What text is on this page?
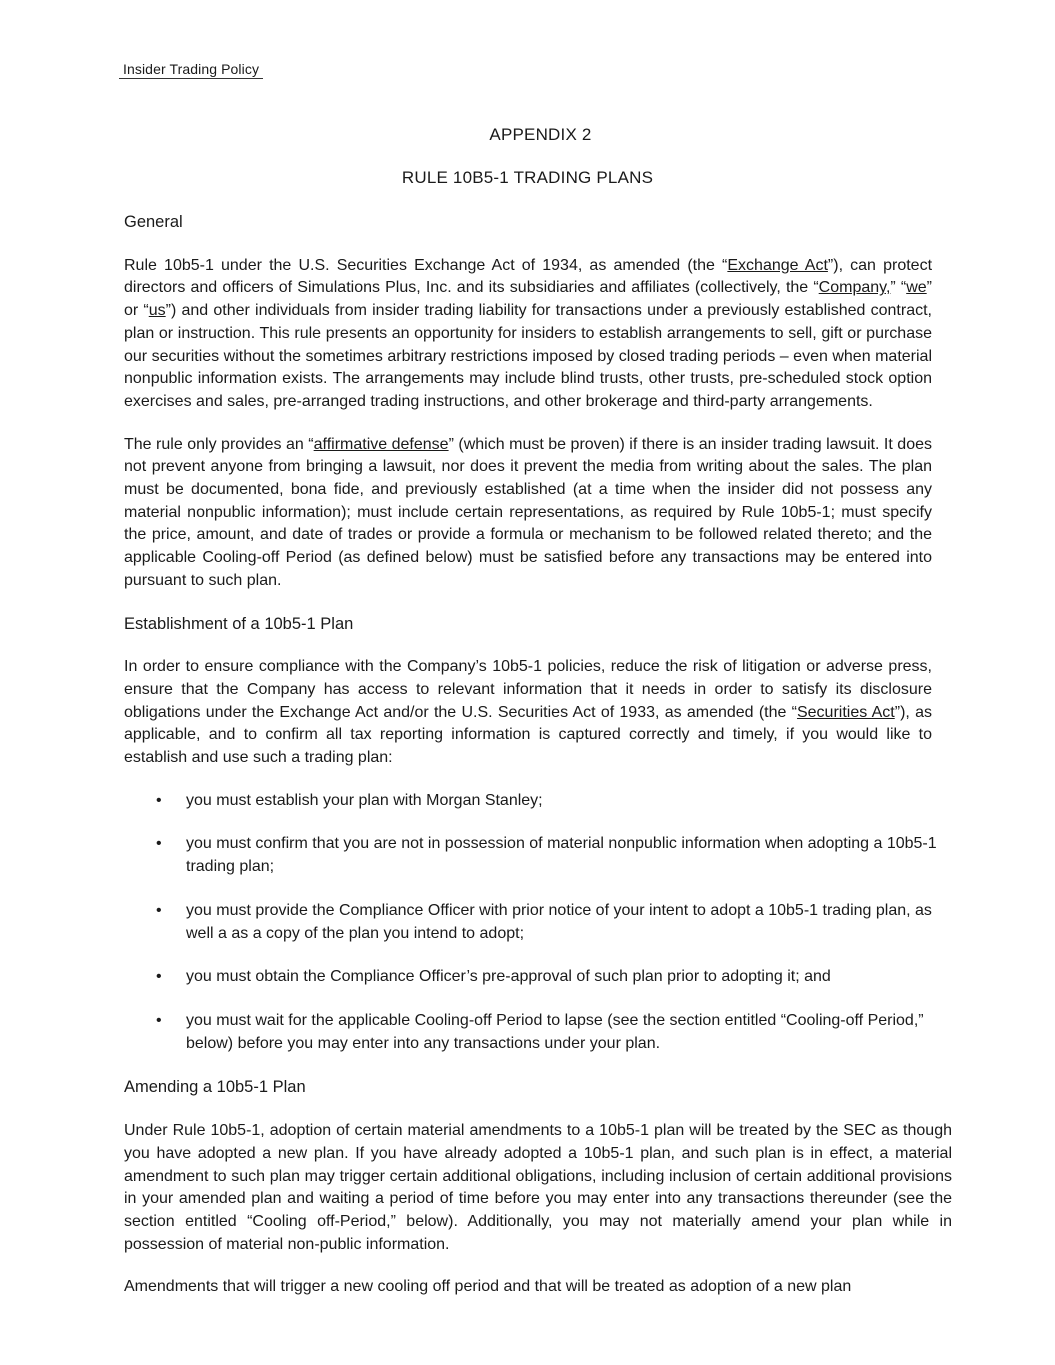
Insider Trading Policy
APPENDIX 2
RULE 10B5-1 TRADING PLANS
General

Rule 10b5-1 under the U.S. Securities Exchange Act of 1934, as amended (the “Exchange Act”), can protect directors and officers of Simulations Plus, Inc. and its subsidiaries and affiliates (collectively, the “Company,” “we” or “us”) and other individuals from insider trading liability for transactions under a previously established contract, plan or instruction. This rule presents an opportunity for insiders to establish arrangements to sell, gift or purchase our securities without the sometimes arbitrary restrictions imposed by closed trading periods – even when material nonpublic information exists. The arrangements may include blind trusts, other trusts, pre-scheduled stock option exercises and sales, pre-arranged trading instructions, and other brokerage and third-party arrangements.

The rule only provides an “affirmative defense” (which must be proven) if there is an insider trading lawsuit. It does not prevent anyone from bringing a lawsuit, nor does it prevent the media from writing about the sales. The plan must be documented, bona fide, and previously established (at a time when the insider did not possess any material nonpublic information); must include certain representations, as required by Rule 10b5-1; must specify the price, amount, and date of trades or provide a formula or mechanism to be followed related thereto; and the applicable Cooling-off Period (as defined below) must be satisfied before any transactions may be entered into pursuant to such plan.

Establishment of a 10b5-1 Plan

In order to ensure compliance with the Company’s 10b5-1 policies, reduce the risk of litigation or adverse press, ensure that the Company has access to relevant information that it needs in order to satisfy its disclosure obligations under the Exchange Act and/or the U.S. Securities Act of 1933, as amended (the “Securities Act”), as applicable, and to confirm all tax reporting information is captured correctly and timely, if you would like to establish and use such a trading plan:

• you must establish your plan with Morgan Stanley;
• you must confirm that you are not in possession of material nonpublic information when adopting a 10b5-1 trading plan;
• you must provide the Compliance Officer with prior notice of your intent to adopt a 10b5-1 trading plan, as well a as a copy of the plan you intend to adopt;
• you must obtain the Compliance Officer’s pre-approval of such plan prior to adopting it; and
• you must wait for the applicable Cooling-off Period to lapse (see the section entitled “Cooling-off Period,” below) before you may enter into any transactions under your plan.
Amending a 10b5-1 Plan

Under Rule 10b5-1, adoption of certain material amendments to a 10b5-1 plan will be treated by the SEC as though you have adopted a new plan. If you have already adopted a 10b5-1 plan, and such plan is in effect, a material amendment to such plan may trigger certain additional obligations, including inclusion of certain additional provisions in your amended plan and waiting a period of time before you may enter into any transactions thereunder (see the section entitled “Cooling off-Period,” below). Additionally, you may not materially amend your plan while in possession of material non-public information.

Amendments that will trigger a new cooling off period and that will be treated as adoption of a new plan
